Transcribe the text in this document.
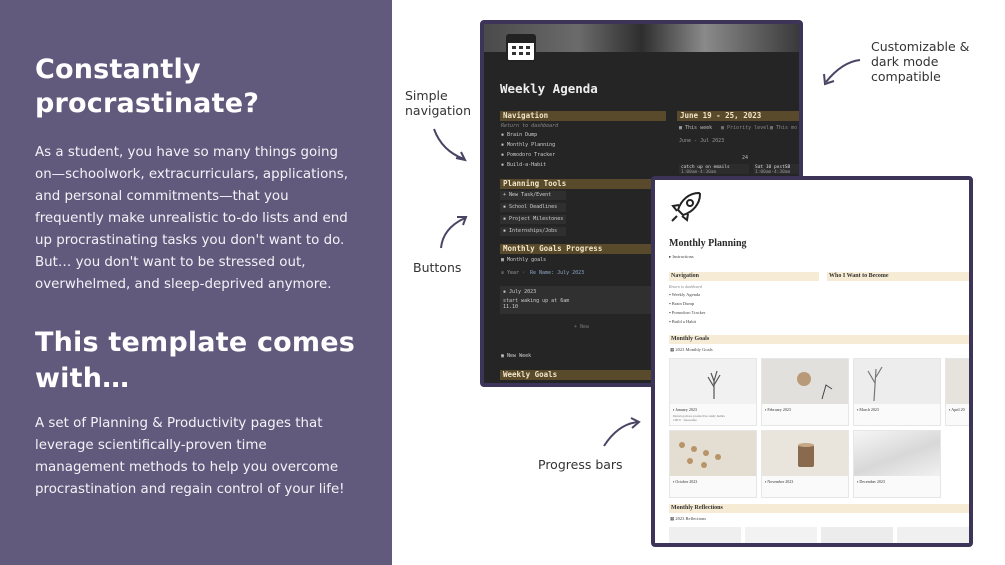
Constantly
procrastinate?
As a student, you have so many things going
on—schoolwork, extracurriculars, applications,
and personal commitments—that you
frequently make unrealistic to-do lists and end
up procrastinating tasks you don't want to do.
But… you don't want to be stressed out,
overwhelmed, and sleep-deprived anymore.
This template comes
with…
A set of Planning & Productivity pages that
leverage scientifically-proven time
management methods to help you overcome
procrastination and regain control of your life!
Simple
navigation
Buttons
Progress bars
Customizable &
dark mode
compatible
Weekly Agenda
Navigation
Return to dashboard
▪ Brain Dump
▪ Monthly Planning
▪ Pomodoro Tracker
▪ Build-a-Habit
Planning Tools
+ New Task/Event
▪ School Deadlines
▪ Project Milestones
▪ Internships/Jobs
Monthly Goals Progress
▦ Monthly goals
⊙ Year · Re Name: July 2023
▪ July 2023
start waking up at 6am
11.10
+ New
▣ New Week
Weekly Goals
June 19 - 25, 2023
▦ This week ▦ Priority level ▦ This mo
June - Jul 2023
24
catch up on emails
1:00am-4:30am
Sat 10 postSB
1:00am-4:30am
Monthly Planning
▸ Instructions
Navigation	Who I Want to Become
Return to dashboard
▪ Weekly Agenda
▪ Brain Dump
▪ Pomodoro Tracker
▪ Build a Habit
Monthly Goals
▦ 2023 Monthly Goals
▪ January 2023
Develop more productive study habits
100% · Awesome
▪ February 2023	▪ March 2023	▪ April 20
▪ October 2023	▪ November 2023	▪ December 2023
Monthly Reflections
▦ 2023 Reflections
